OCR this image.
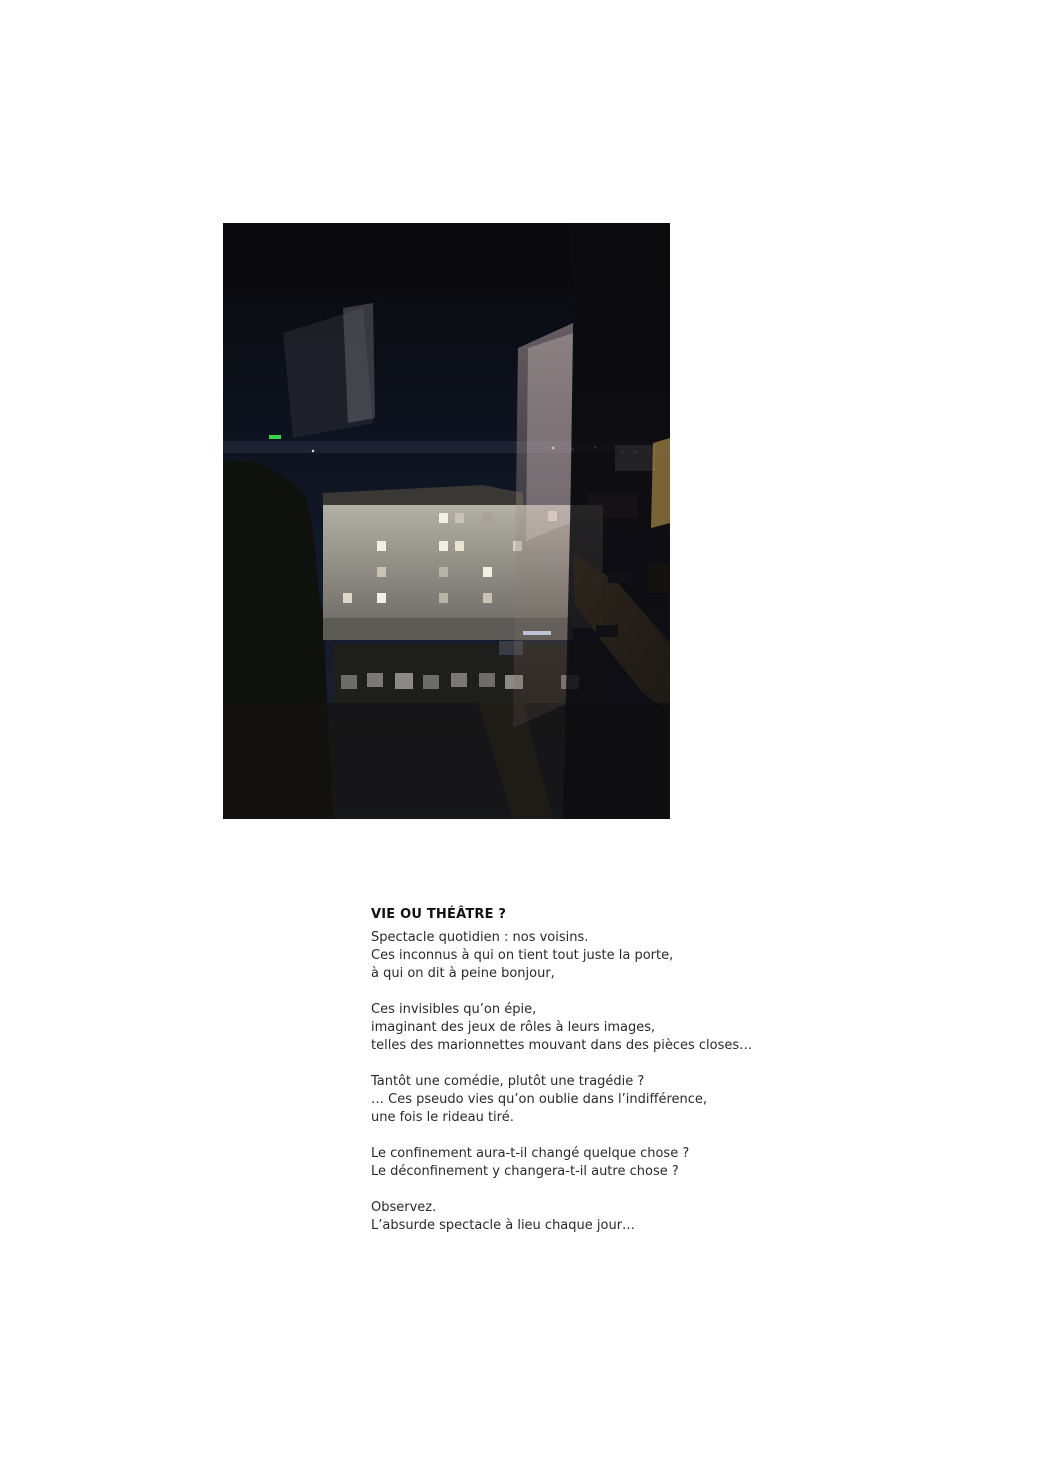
VIE OU THÉÂTRE ?
Spectacle quotidien : nos voisins.
Ces inconnus à qui on tient tout juste la porte,
à qui on dit à peine bonjour,
Ces invisibles qu’on épie,
imaginant des jeux de rôles à leurs images,
telles des marionnettes mouvant dans des pièces closes…
Tantôt une comédie, plutôt une tragédie ?
… Ces pseudo vies qu’on oublie dans l’indifférence,
une fois le rideau tiré.
Le confinement aura-t-il changé quelque chose ?
Le déconfinement y changera-t-il autre chose ?
Observez.
L’absurde spectacle à lieu chaque jour…
